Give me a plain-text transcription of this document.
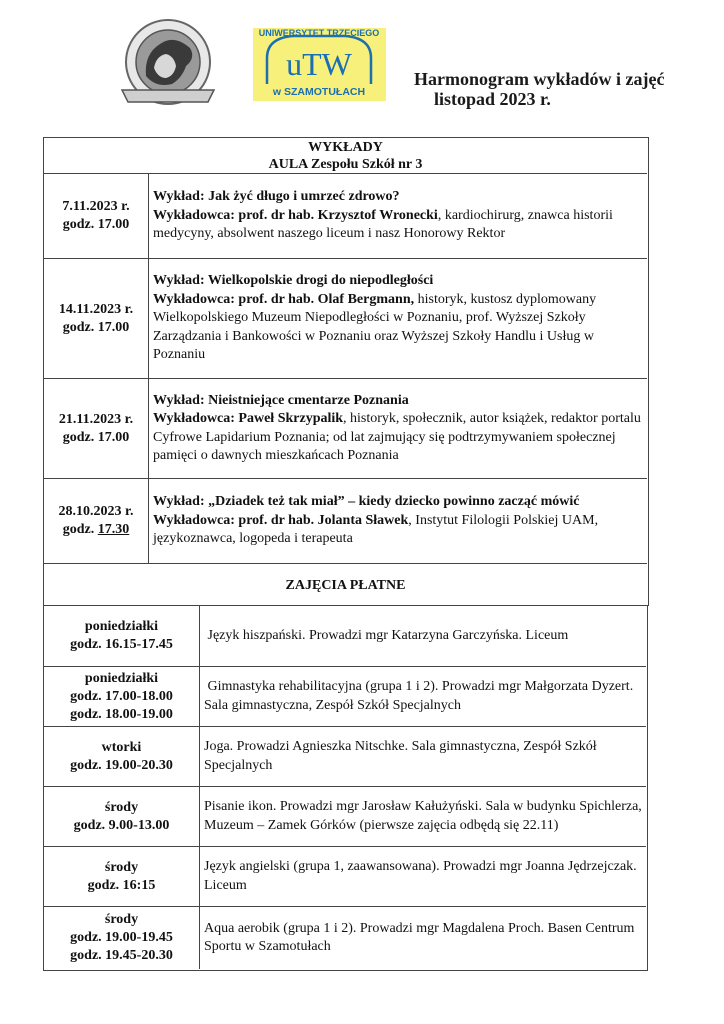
UNIWERSYTET TRZECIEGO
uTW
w SZAMOTUŁACH
Harmonogram wykładów i zajęć
listopad 2023 r.
WYKŁADY
AULA Zespołu Szkół nr 3
7.11.2023 r.
godz. 17.00
Wykład: Jak żyć długo i umrzeć zdrowo?
Wykładowca: prof. dr hab. Krzysztof Wronecki, kardiochirurg, znawca historii medycyny, absolwent naszego liceum i nasz Honorowy Rektor
14.11.2023 r.
godz. 17.00
Wykład: Wielkopolskie drogi do niepodległości
Wykładowca: prof. dr hab. Olaf Bergmann, historyk, kustosz dyplomowany Wielkopolskiego Muzeum Niepodległości w Poznaniu, prof. Wyższej Szkoły Zarządzania i Bankowości w Poznaniu oraz Wyższej Szkoły Handlu i Usług w Poznaniu
21.11.2023 r.
godz. 17.00
Wykład: Nieistniejące cmentarze Poznania
Wykładowca: Paweł Skrzypalik, historyk, społecznik, autor książek, redaktor portalu Cyfrowe Lapidarium Poznania; od lat zajmujący się podtrzymywaniem społecznej pamięci o dawnych mieszkańcach Poznania
28.10.2023 r.
godz. 17.30
Wykład: „Dziadek też tak miał” – kiedy dziecko powinno zacząć mówić
Wykładowca: prof. dr hab. Jolanta Sławek, Instytut Filologii Polskiej UAM, językoznawca, logopeda i terapeuta
ZAJĘCIA PŁATNE
poniedziałki
godz. 16.15-17.45
Język hiszpański. Prowadzi mgr Katarzyna Garczyńska. Liceum
poniedziałki
godz. 17.00-18.00
godz. 18.00-19.00
Gimnastyka rehabilitacyjna (grupa 1 i 2). Prowadzi mgr Małgorzata Dyzert. Sala gimnastyczna, Zespół Szkół Specjalnych
wtorki
godz. 19.00-20.30
Joga. Prowadzi Agnieszka Nitschke. Sala gimnastyczna, Zespół Szkół Specjalnych
środy
godz. 9.00-13.00
Pisanie ikon. Prowadzi mgr Jarosław Kałużyński. Sala w budynku Spichlerza, Muzeum – Zamek Górków (pierwsze zajęcia odbędą się 22.11)
środy
godz. 16:15
Język angielski (grupa 1, zaawansowana). Prowadzi mgr Joanna Jędrzejczak.  Liceum
środy
godz. 19.00-19.45
godz. 19.45-20.30
Aqua aerobik (grupa 1 i 2). Prowadzi mgr Magdalena Proch. Basen Centrum Sportu w Szamotułach
